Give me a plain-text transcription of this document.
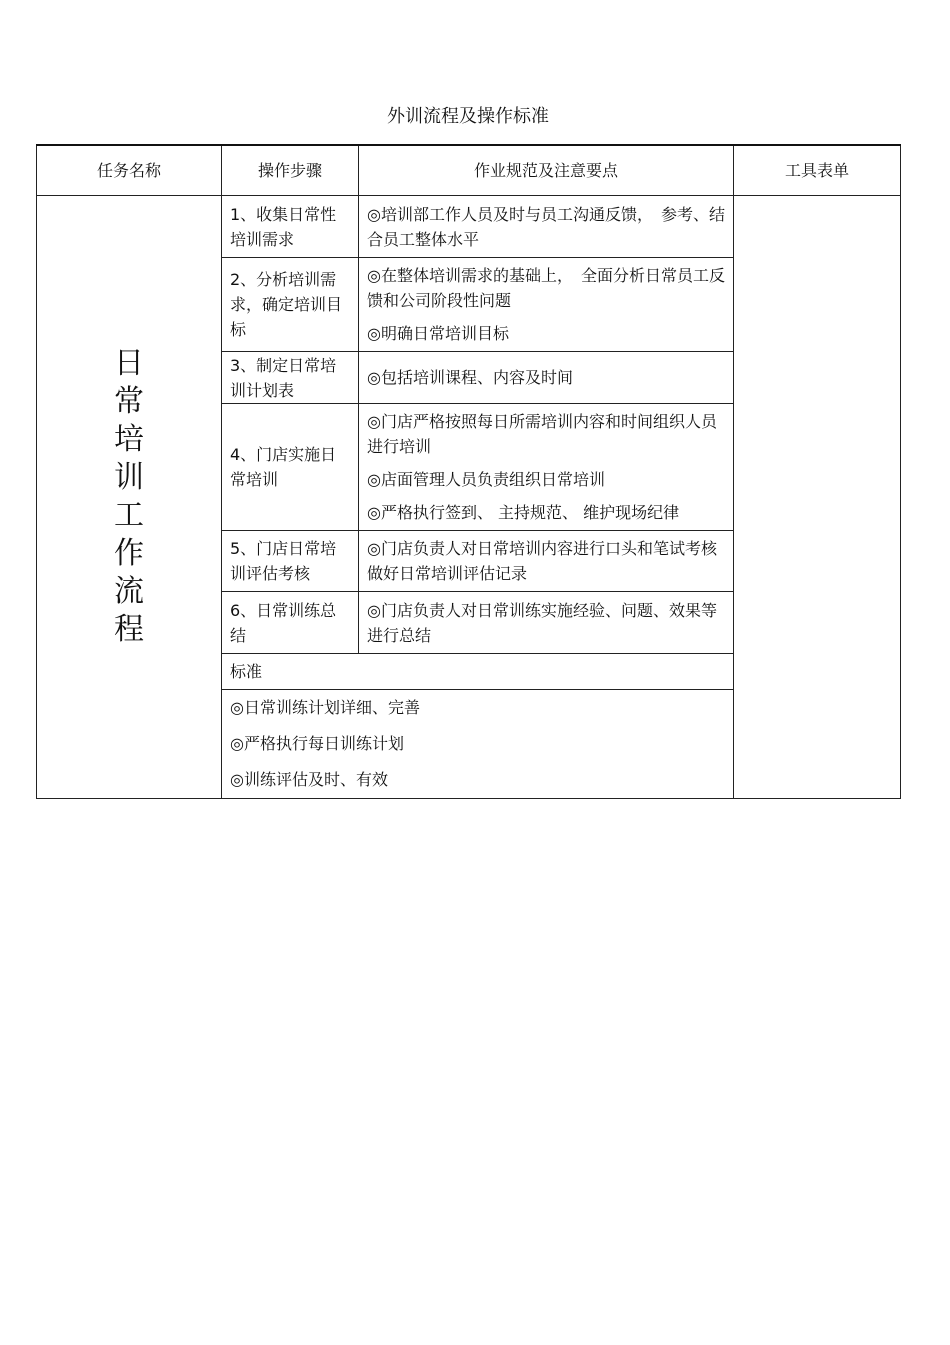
外训流程及操作标准
任务名称	操作步骤	作业规范及注意要点	工具表单
日常培训工作流程	1、收集日常性培训需求	◎培训部工作人员及时与员工沟通反馈，　参考、结合员工整体水平	

	2、分析培训需求，确定培训目标	◎在整体培训需求的基础上，　全面分析日常员工反馈和公司阶段性问题

◎明确日常培训目标	

	3、制定日常培训计划表	◎包括培训课程、内容及时间	

	4、门店实施日常培训	◎门店严格按照每日所需培训内容和时间组织人员进行培训

◎店面管理人员负责组织日常培训

◎严格执行签到、 主持规范、 维护现场纪律	

	5、门店日常培训评估考核	◎门店负责人对日常培训内容进行口头和笔试考核做好日常培训评估记录	

	6、日常训练总结	◎门店负责人对日常训练实施经验、问题、效果等进行总结	

	标准		

	◎日常训练计划详细、完善

◎严格执行每日训练计划

◎训练评估及时、有效		
